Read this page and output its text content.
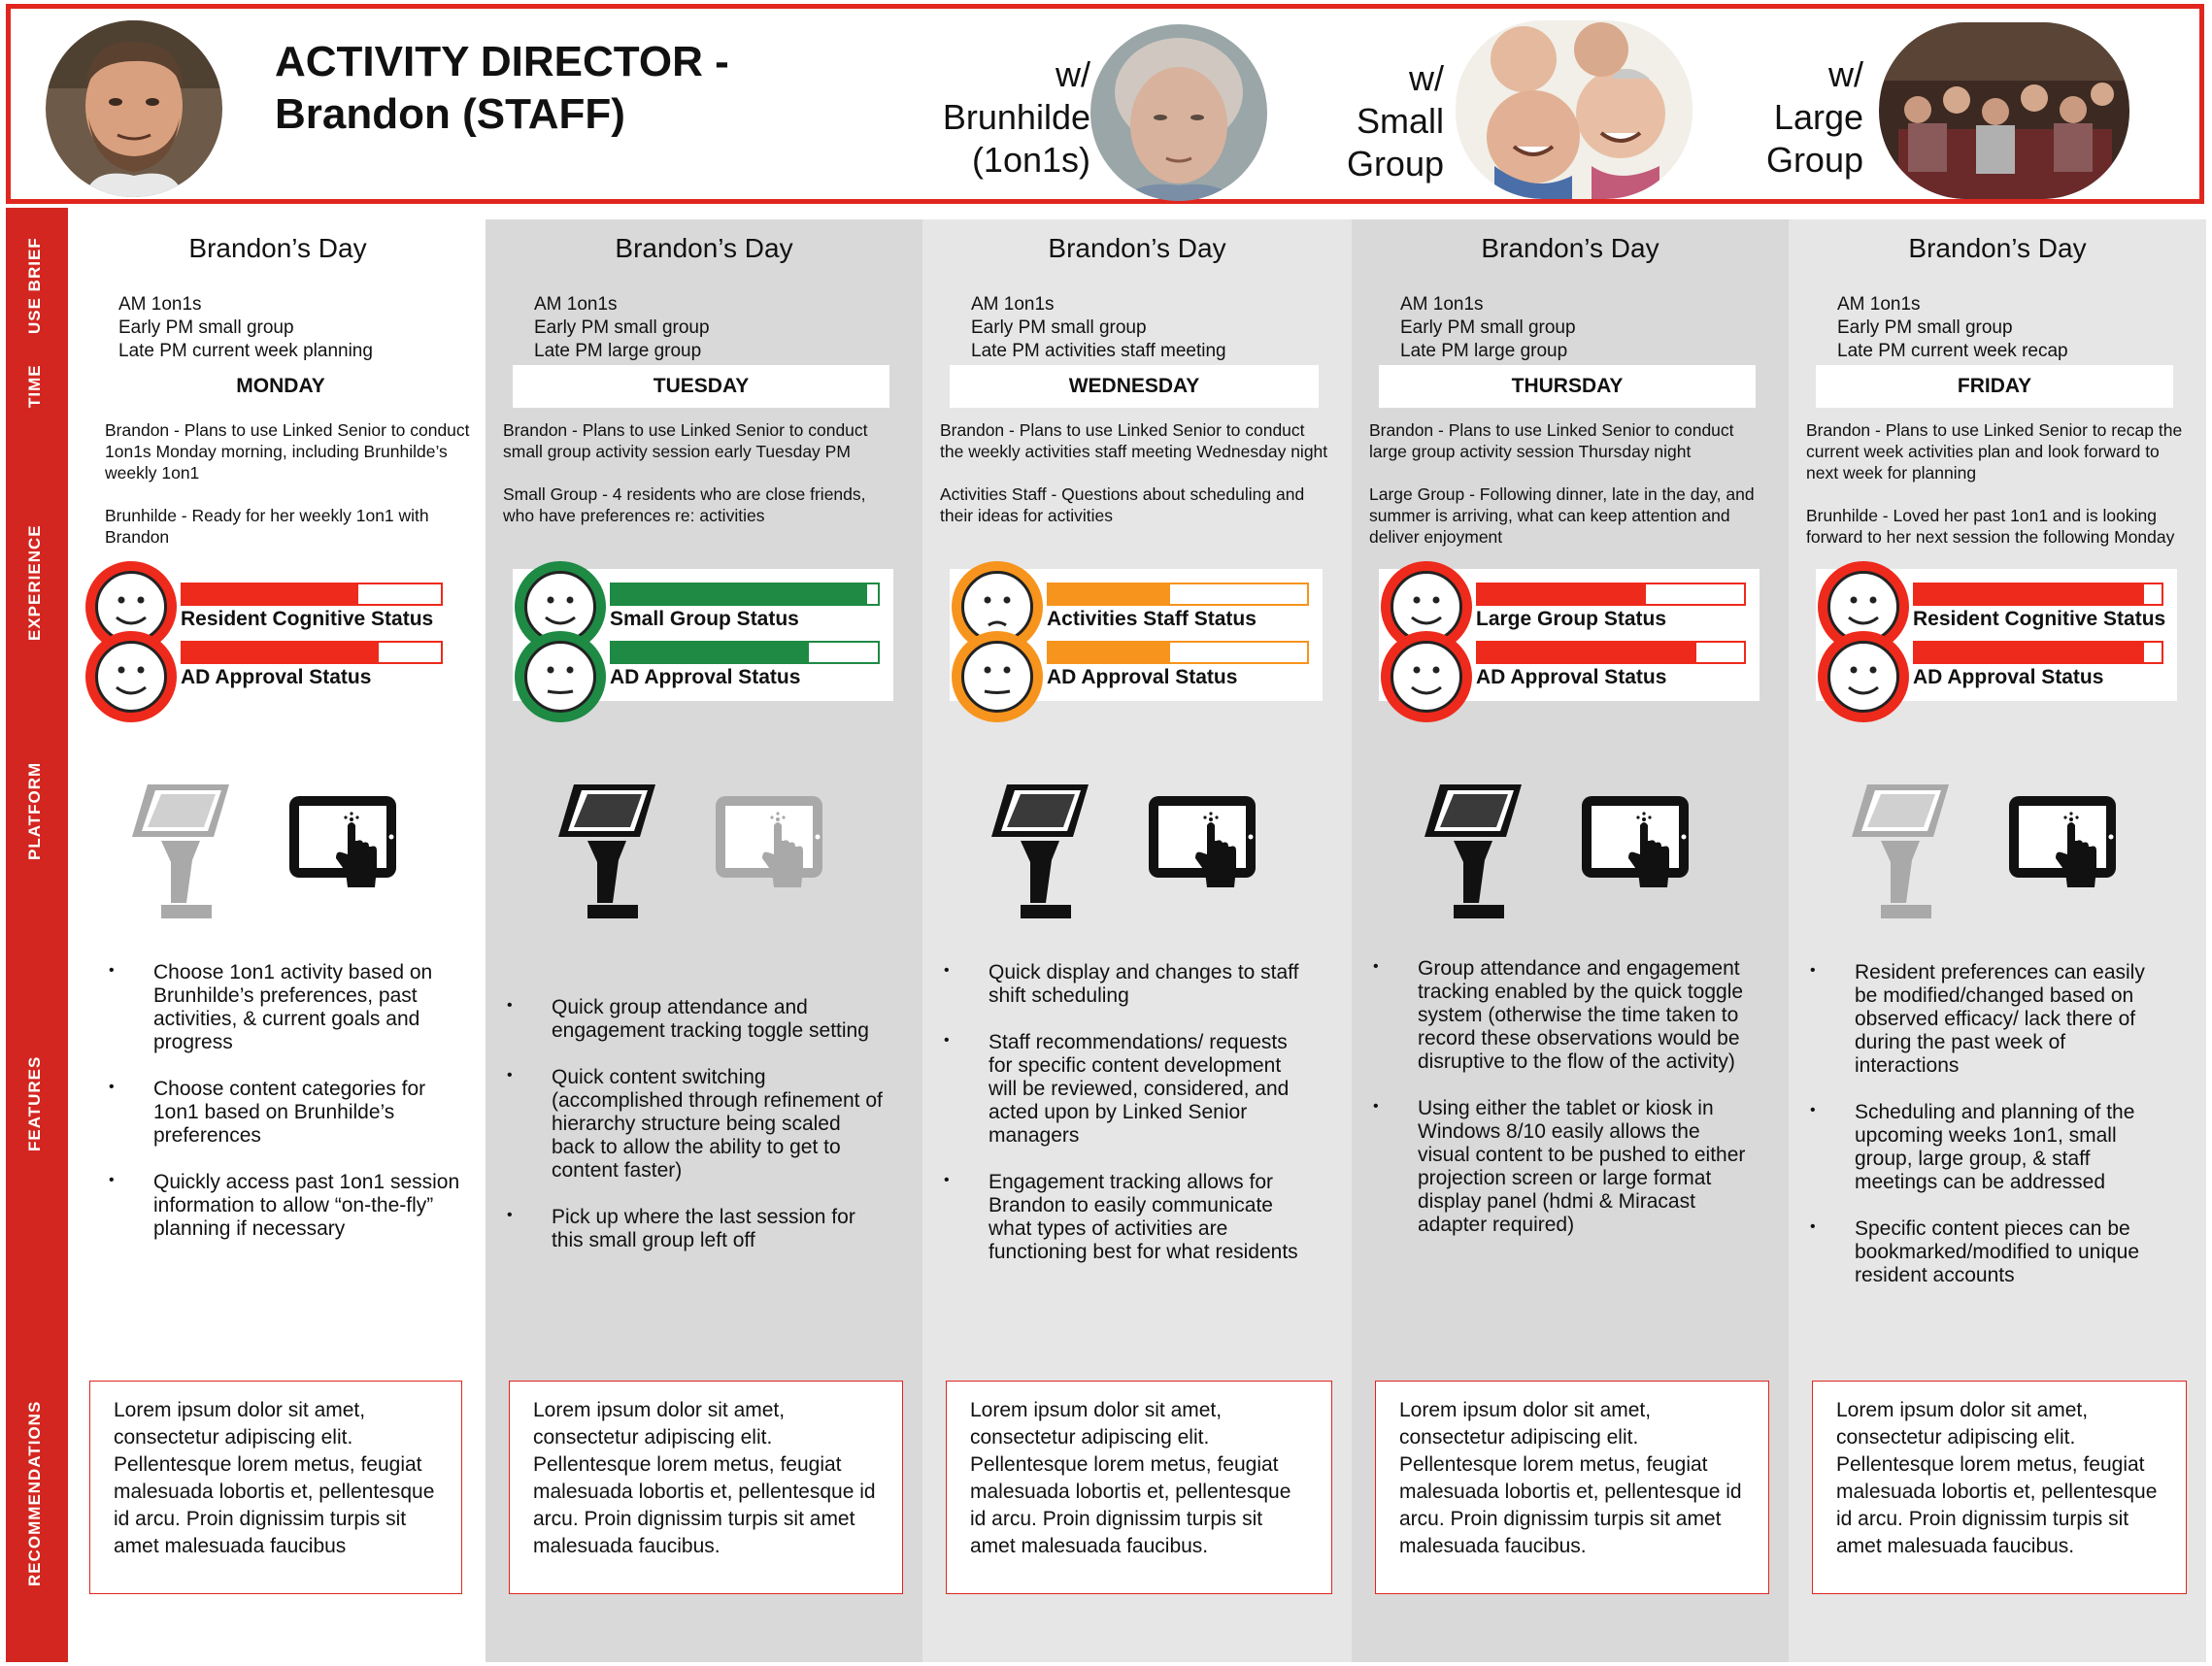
ACTIVITY DIRECTOR -
Brandon (STAFF)
w/
Brunhilde
(1on1s)
w/
Small
Group
w/
Large
Group
USE BRIEF
TIME
EXPERIENCE
PLATFORM
FEATURES
RECOMMENDATIONS
Brandon’s Day
AM 1on1s
Early PM small group
Late PM current week planning
MONDAY

Brandon - Plans to use Linked Senior to conduct 1on1s Monday morning, including Brunhilde’s weekly 1on1

Brunhilde - Ready for her weekly 1on1 with Brandon

Resident Cognitive Status
AD Approval Status
• Choose 1on1 activity based on Brunhilde’s preferences, past activities, & current goals and progress
• Choose content categories for 1on1 based on Brunhilde’s preferences
• Quickly access past 1on1 session information to allow “on-the-fly” planning if necessary
Lorem ipsum dolor sit amet, consectetur adipiscing elit. Pellentesque lorem metus, feugiat malesuada lobortis et, pellentesque id arcu. Proin dignissim turpis sit amet malesuada faucibus
Brandon’s Day
AM 1on1s
Early PM small group
Late PM large group
TUESDAY

Brandon - Plans to use Linked Senior to conduct small group activity session early Tuesday PM

Small Group - 4 residents who are close friends, who have preferences re: activities

Small Group Status
AD Approval Status
• Quick group attendance and engagement tracking toggle setting
• Quick content switching (accomplished through refinement of hierarchy structure being scaled back to allow the ability to get to content faster)
• Pick up where the last session for this small group left off
Lorem ipsum dolor sit amet, consectetur adipiscing elit. Pellentesque lorem metus, feugiat malesuada lobortis et, pellentesque id arcu. Proin dignissim turpis sit amet malesuada faucibus.
Brandon’s Day
AM 1on1s
Early PM small group
Late PM activities staff meeting
WEDNESDAY

Brandon - Plans to use Linked Senior to conduct the weekly activities staff meeting Wednesday night

Activities Staff - Questions about scheduling and their ideas for activities

Activities Staff Status
AD Approval Status
• Quick display and changes to staff shift scheduling
• Staff recommendations/ requests for specific content development will be reviewed, considered, and acted upon by Linked Senior managers
• Engagement tracking allows for Brandon to easily communicate what types of activities are functioning best for what residents
Lorem ipsum dolor sit amet, consectetur adipiscing elit. Pellentesque lorem metus, feugiat malesuada lobortis et, pellentesque id arcu. Proin dignissim turpis sit amet malesuada faucibus.
Brandon’s Day
AM 1on1s
Early PM small group
Late PM large group
THURSDAY

Brandon - Plans to use Linked Senior to conduct large group activity session Thursday night

Large Group - Following dinner, late in the day, and summer is arriving, what can keep attention and deliver enjoyment

Large Group Status
AD Approval Status
• Group attendance and engagement tracking enabled by the quick toggle system (otherwise the time taken to record these observations would be disruptive to the flow of the activity)
• Using either the tablet or kiosk in Windows 8/10 easily allows the visual content to be pushed to either projection screen or large format display panel (hdmi & Miracast adapter required)
Lorem ipsum dolor sit amet, consectetur adipiscing elit. Pellentesque lorem metus, feugiat malesuada lobortis et, pellentesque id arcu. Proin dignissim turpis sit amet malesuada faucibus.
Brandon’s Day
AM 1on1s
Early PM small group
Late PM current week recap
FRIDAY

Brandon - Plans to use Linked Senior to recap the current week activities plan and look forward to next week for planning

Brunhilde - Loved her past 1on1 and is looking forward to her next session the following Monday

Resident Cognitive Status
AD Approval Status
• Resident preferences can easily be modified/changed based on observed efficacy/ lack there of during the past week of interactions
• Scheduling and planning of the upcoming weeks 1on1, small group, large group, & staff meetings can be addressed
• Specific content pieces can be bookmarked/modified to unique resident accounts
Lorem ipsum dolor sit amet, consectetur adipiscing elit. Pellentesque lorem metus, feugiat malesuada lobortis et, pellentesque id arcu. Proin dignissim turpis sit amet malesuada faucibus.
